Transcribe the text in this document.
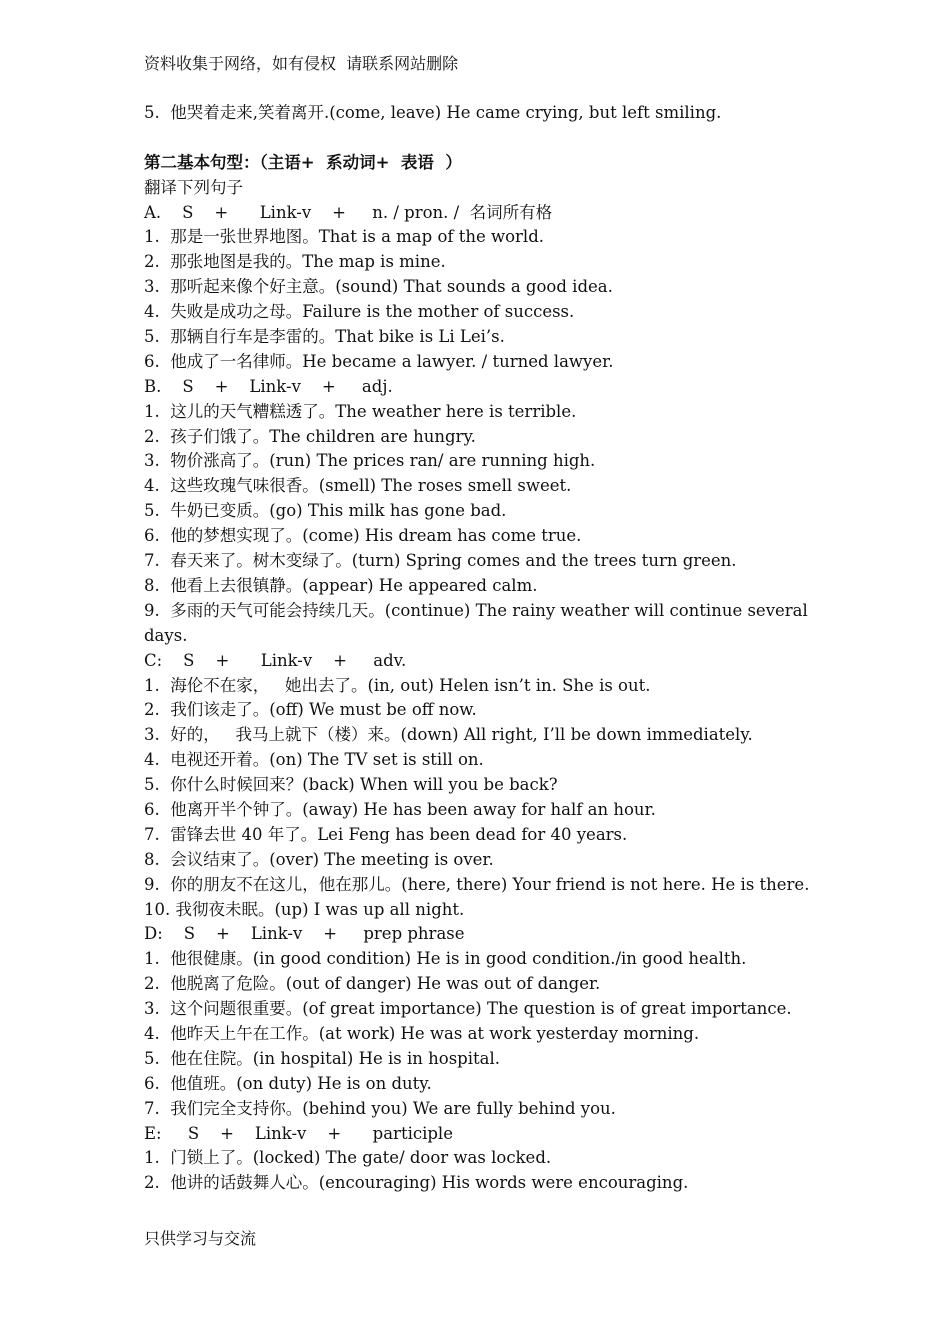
资料收集于网络，如有侵权  请联系网站删除
5.  他哭着走来,笑着离开.(come, leave) He came crying, but left smiling.
第二基本句型：（主语+  系动词+  表语  ）
翻译下列句子
A.    S    +      Link-v    +     n. / pron. /  名词所有格
1.  那是一张世界地图。That is a map of the world.
2.  那张地图是我的。The map is mine.
3.  那听起来像个好主意。(sound) That sounds a good idea.
4.  失败是成功之母。Failure is the mother of success.
5.  那辆自行车是李雷的。That bike is Li Lei’s.
6.  他成了一名律师。He became a lawyer. / turned lawyer.
B.    S    +    Link-v    +     adj.
1.  这儿的天气糟糕透了。The weather here is terrible.
2.  孩子们饿了。The children are hungry.
3.  物价涨高了。(run) The prices ran/ are running high.
4.  这些玫瑰气味很香。(smell) The roses smell sweet.
5.  牛奶已变质。(go) This milk has gone bad.
6.  他的梦想实现了。(come) His dream has come true.
7.  春天来了。树木变绿了。(turn) Spring comes and the trees turn green.
8.  他看上去很镇静。(appear) He appeared calm.
9.  多雨的天气可能会持续几天。(continue) The rainy weather will continue several days.
C:    S    +      Link-v    +     adv.
1.  海伦不在家，   她出去了。(in, out) Helen isn’t in. She is out.
2.  我们该走了。(off) We must be off now.
3.  好的，   我马上就下（楼）来。(down) All right, I’ll be down immediately.
4.  电视还开着。(on) The TV set is still on.
5.  你什么时候回来？(back) When will you be back?
6.  他离开半个钟了。(away) He has been away for half an hour.
7.  雷锋去世 40 年了。Lei Feng has been dead for 40 years.
8.  会议结束了。(over) The meeting is over.
9.  你的朋友不在这儿，他在那儿。(here, there) Your friend is not here. He is there.
10. 我彻夜未眠。(up) I was up all night.
D:    S    +    Link-v    +     prep phrase
1.  他很健康。(in good condition) He is in good condition./in good health.
2.  他脱离了危险。(out of danger) He was out of danger.
3.  这个问题很重要。(of great importance) The question is of great importance.
4.  他昨天上午在工作。(at work) He was at work yesterday morning.
5.  他在住院。(in hospital) He is in hospital.
6.  他值班。(on duty) He is on duty.
7.  我们完全支持你。(behind you) We are fully behind you.
E:     S    +    Link-v    +      participle
1.  门锁上了。(locked) The gate/ door was locked.
2.  他讲的话鼓舞人心。(encouraging) His words were encouraging.
只供学习与交流
